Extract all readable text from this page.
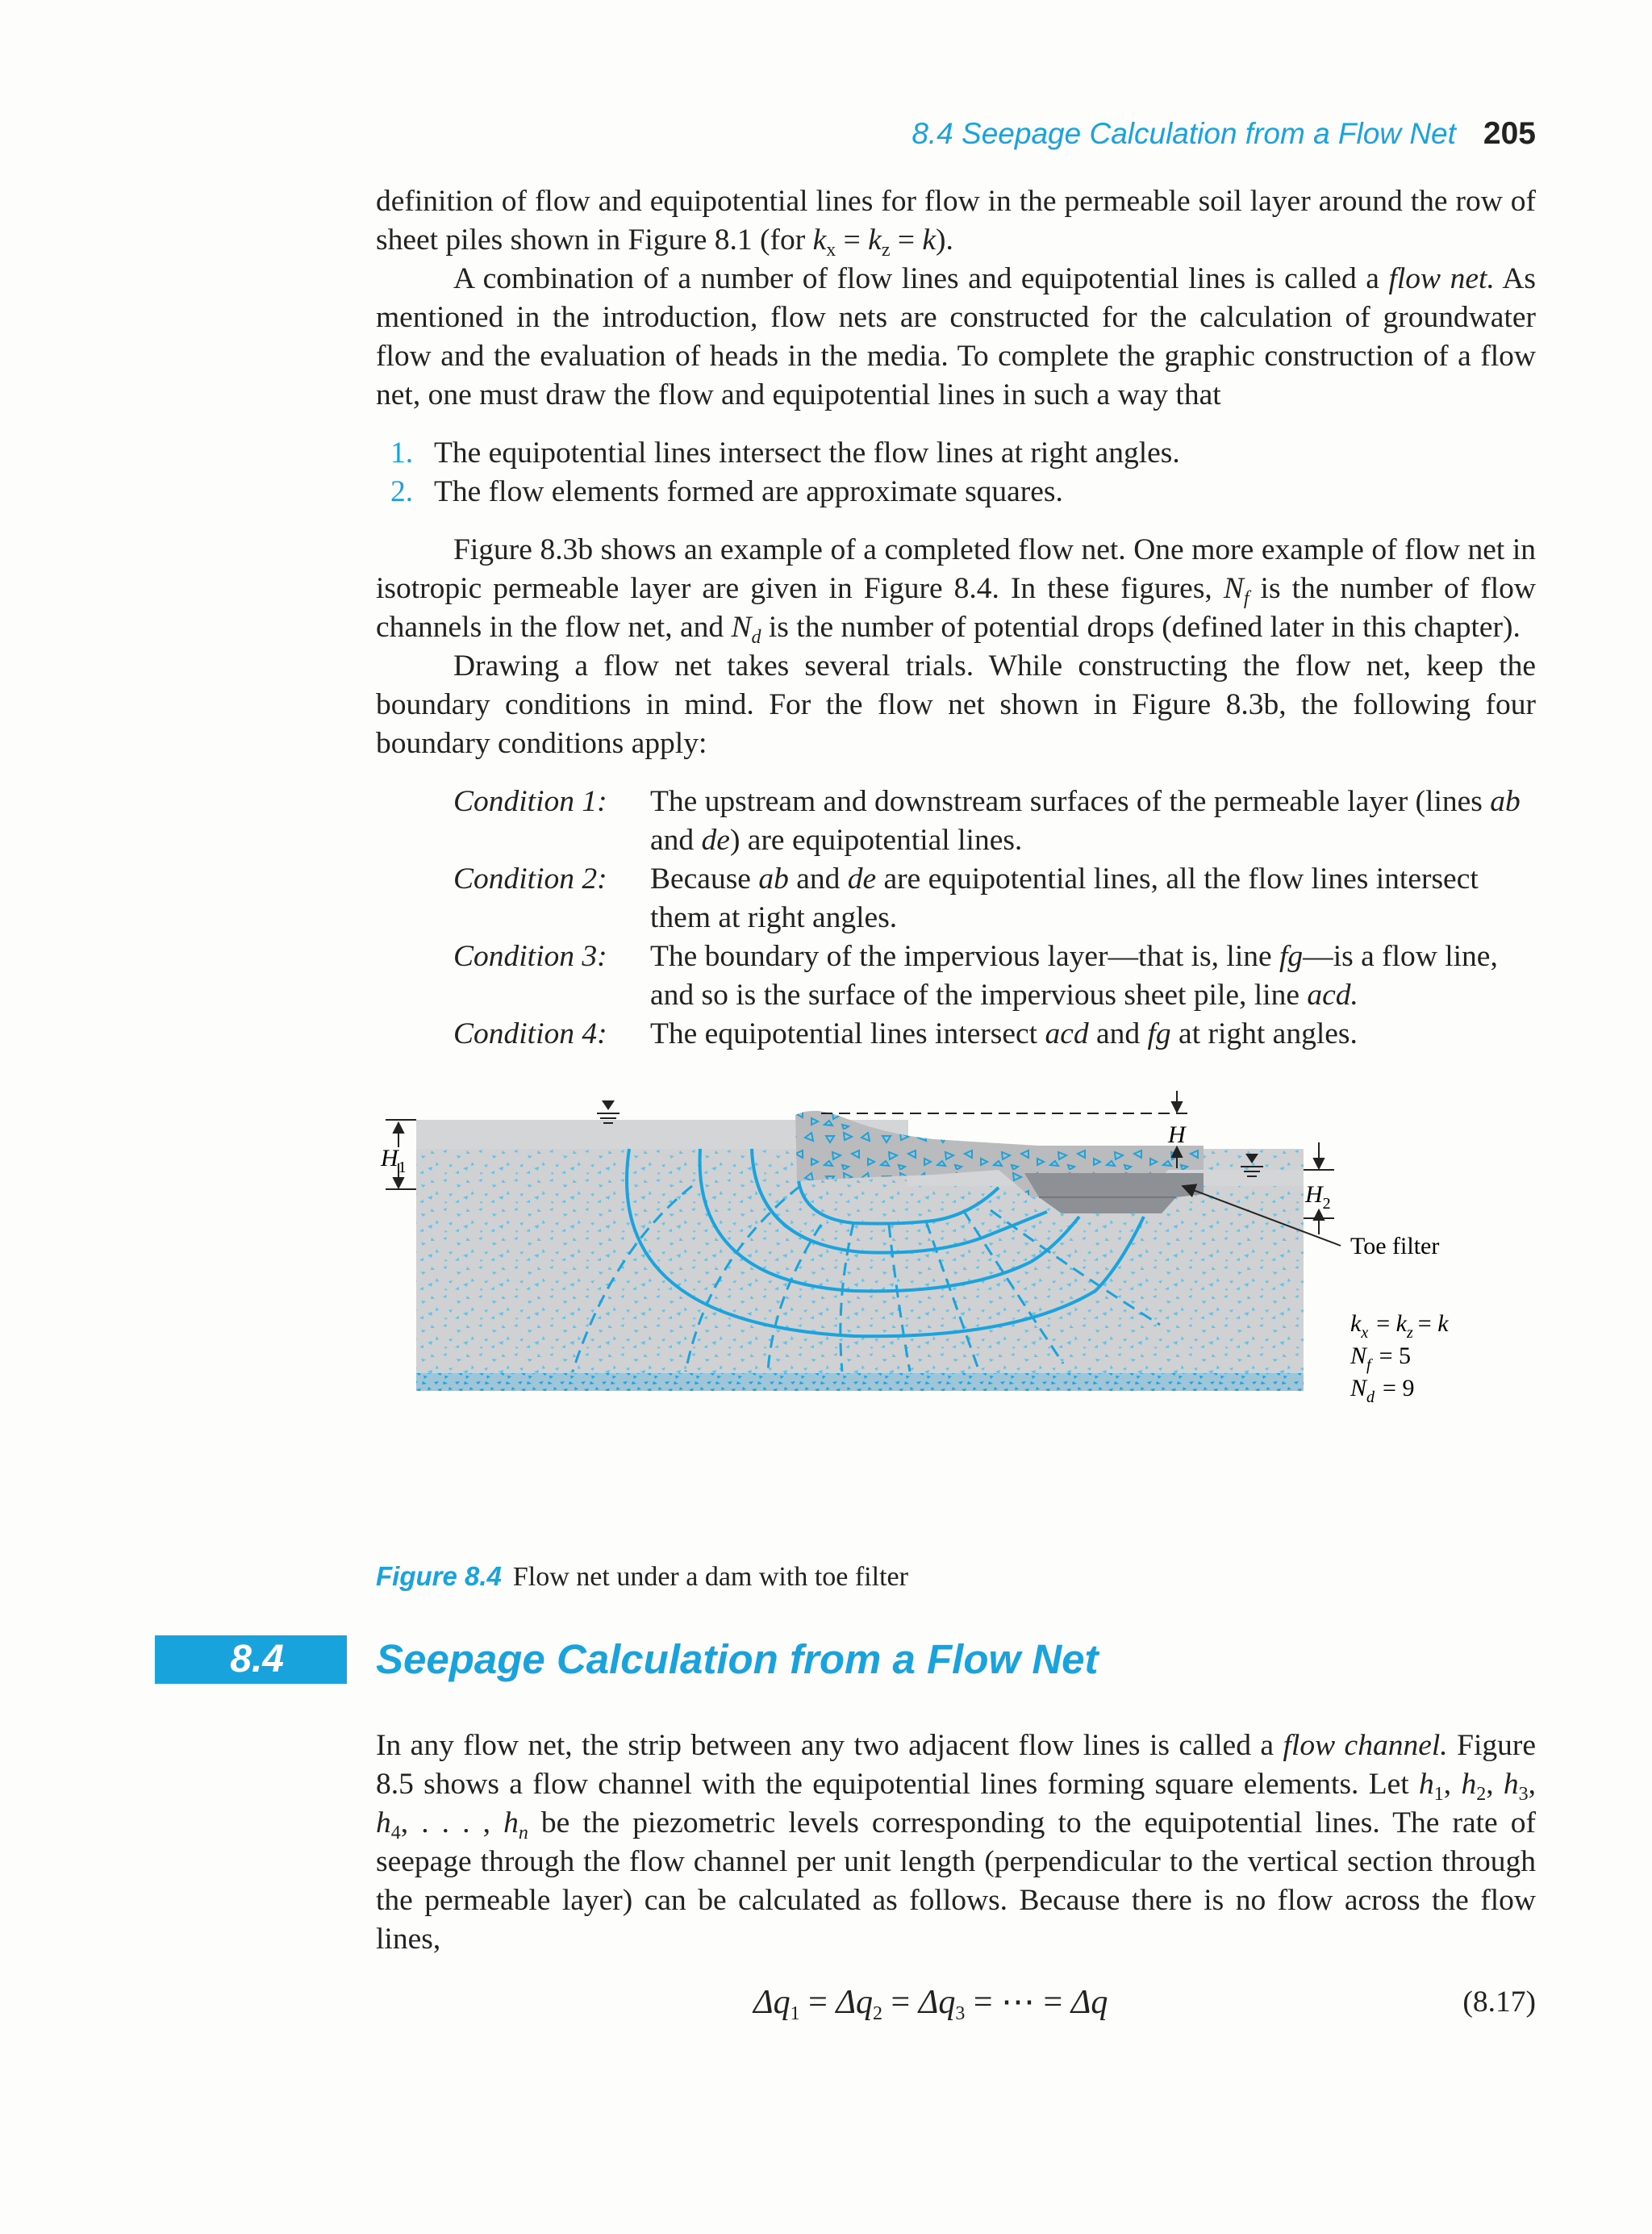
8.4 Seepage Calculation from a Flow Net 205

definition of flow and equipotential lines for flow in the permeable soil layer around the row of sheet piles shown in Figure 8.1 (for $k_x = k_z = k$).

A combination of a number of flow lines and equipotential lines is called a flow net. As mentioned in the introduction, flow nets are constructed for the calculation of groundwater flow and the evaluation of heads in the media. To complete the graphic construction of a flow net, one must draw the flow and equipotential lines in such a way that

1. The equipotential lines intersect the flow lines at right angles.
2. The flow elements formed are approximate squares.

Figure 8.3b shows an example of a completed flow net. One more example of flow net in isotropic permeable layer are given in Figure 8.4. In these figures, $N_f$ is the number of flow channels in the flow net, and $N_d$ is the number of potential drops (defined later in this chapter).

Drawing a flow net takes several trials. While constructing the flow net, keep the boundary conditions in mind. For the flow net shown in Figure 8.3b, the following four boundary conditions apply:

Condition 1: The upstream and downstream surfaces of the permeable layer (lines ab and de) are equipotential lines.
Condition 2: Because ab and de are equipotential lines, all the flow lines intersect them at right angles.
Condition 3: The boundary of the impervious layer—that is, line fg—is a flow line, and so is the surface of the impervious sheet pile, line acd.
Condition 4: The equipotential lines intersect acd and fg at right angles.
$H_1$
H
$H_2$
Toe filter
$k_x = k_z = k$
$N_f = 5$
$N_d = 9$
Figure 8.4 Flow net under a dam with toe filter
8.4	Seepage Calculation from a Flow Net

In any flow net, the strip between any two adjacent flow lines is called a flow channel. Figure 8.5 shows a flow channel with the equipotential lines forming square elements. Let $h_1$, $h_2$, $h_3$, $h_4$, . . . , $h_n$ be the piezometric levels corresponding to the equipotential lines. The rate of seepage through the flow channel per unit length (perpendicular to the vertical section through the permeable layer) can be calculated as follows. Because there is no flow across the flow lines,

$\Delta q_1 = \Delta q_2 = \Delta q_3$ = ⋯ = Δq	(8.17)
